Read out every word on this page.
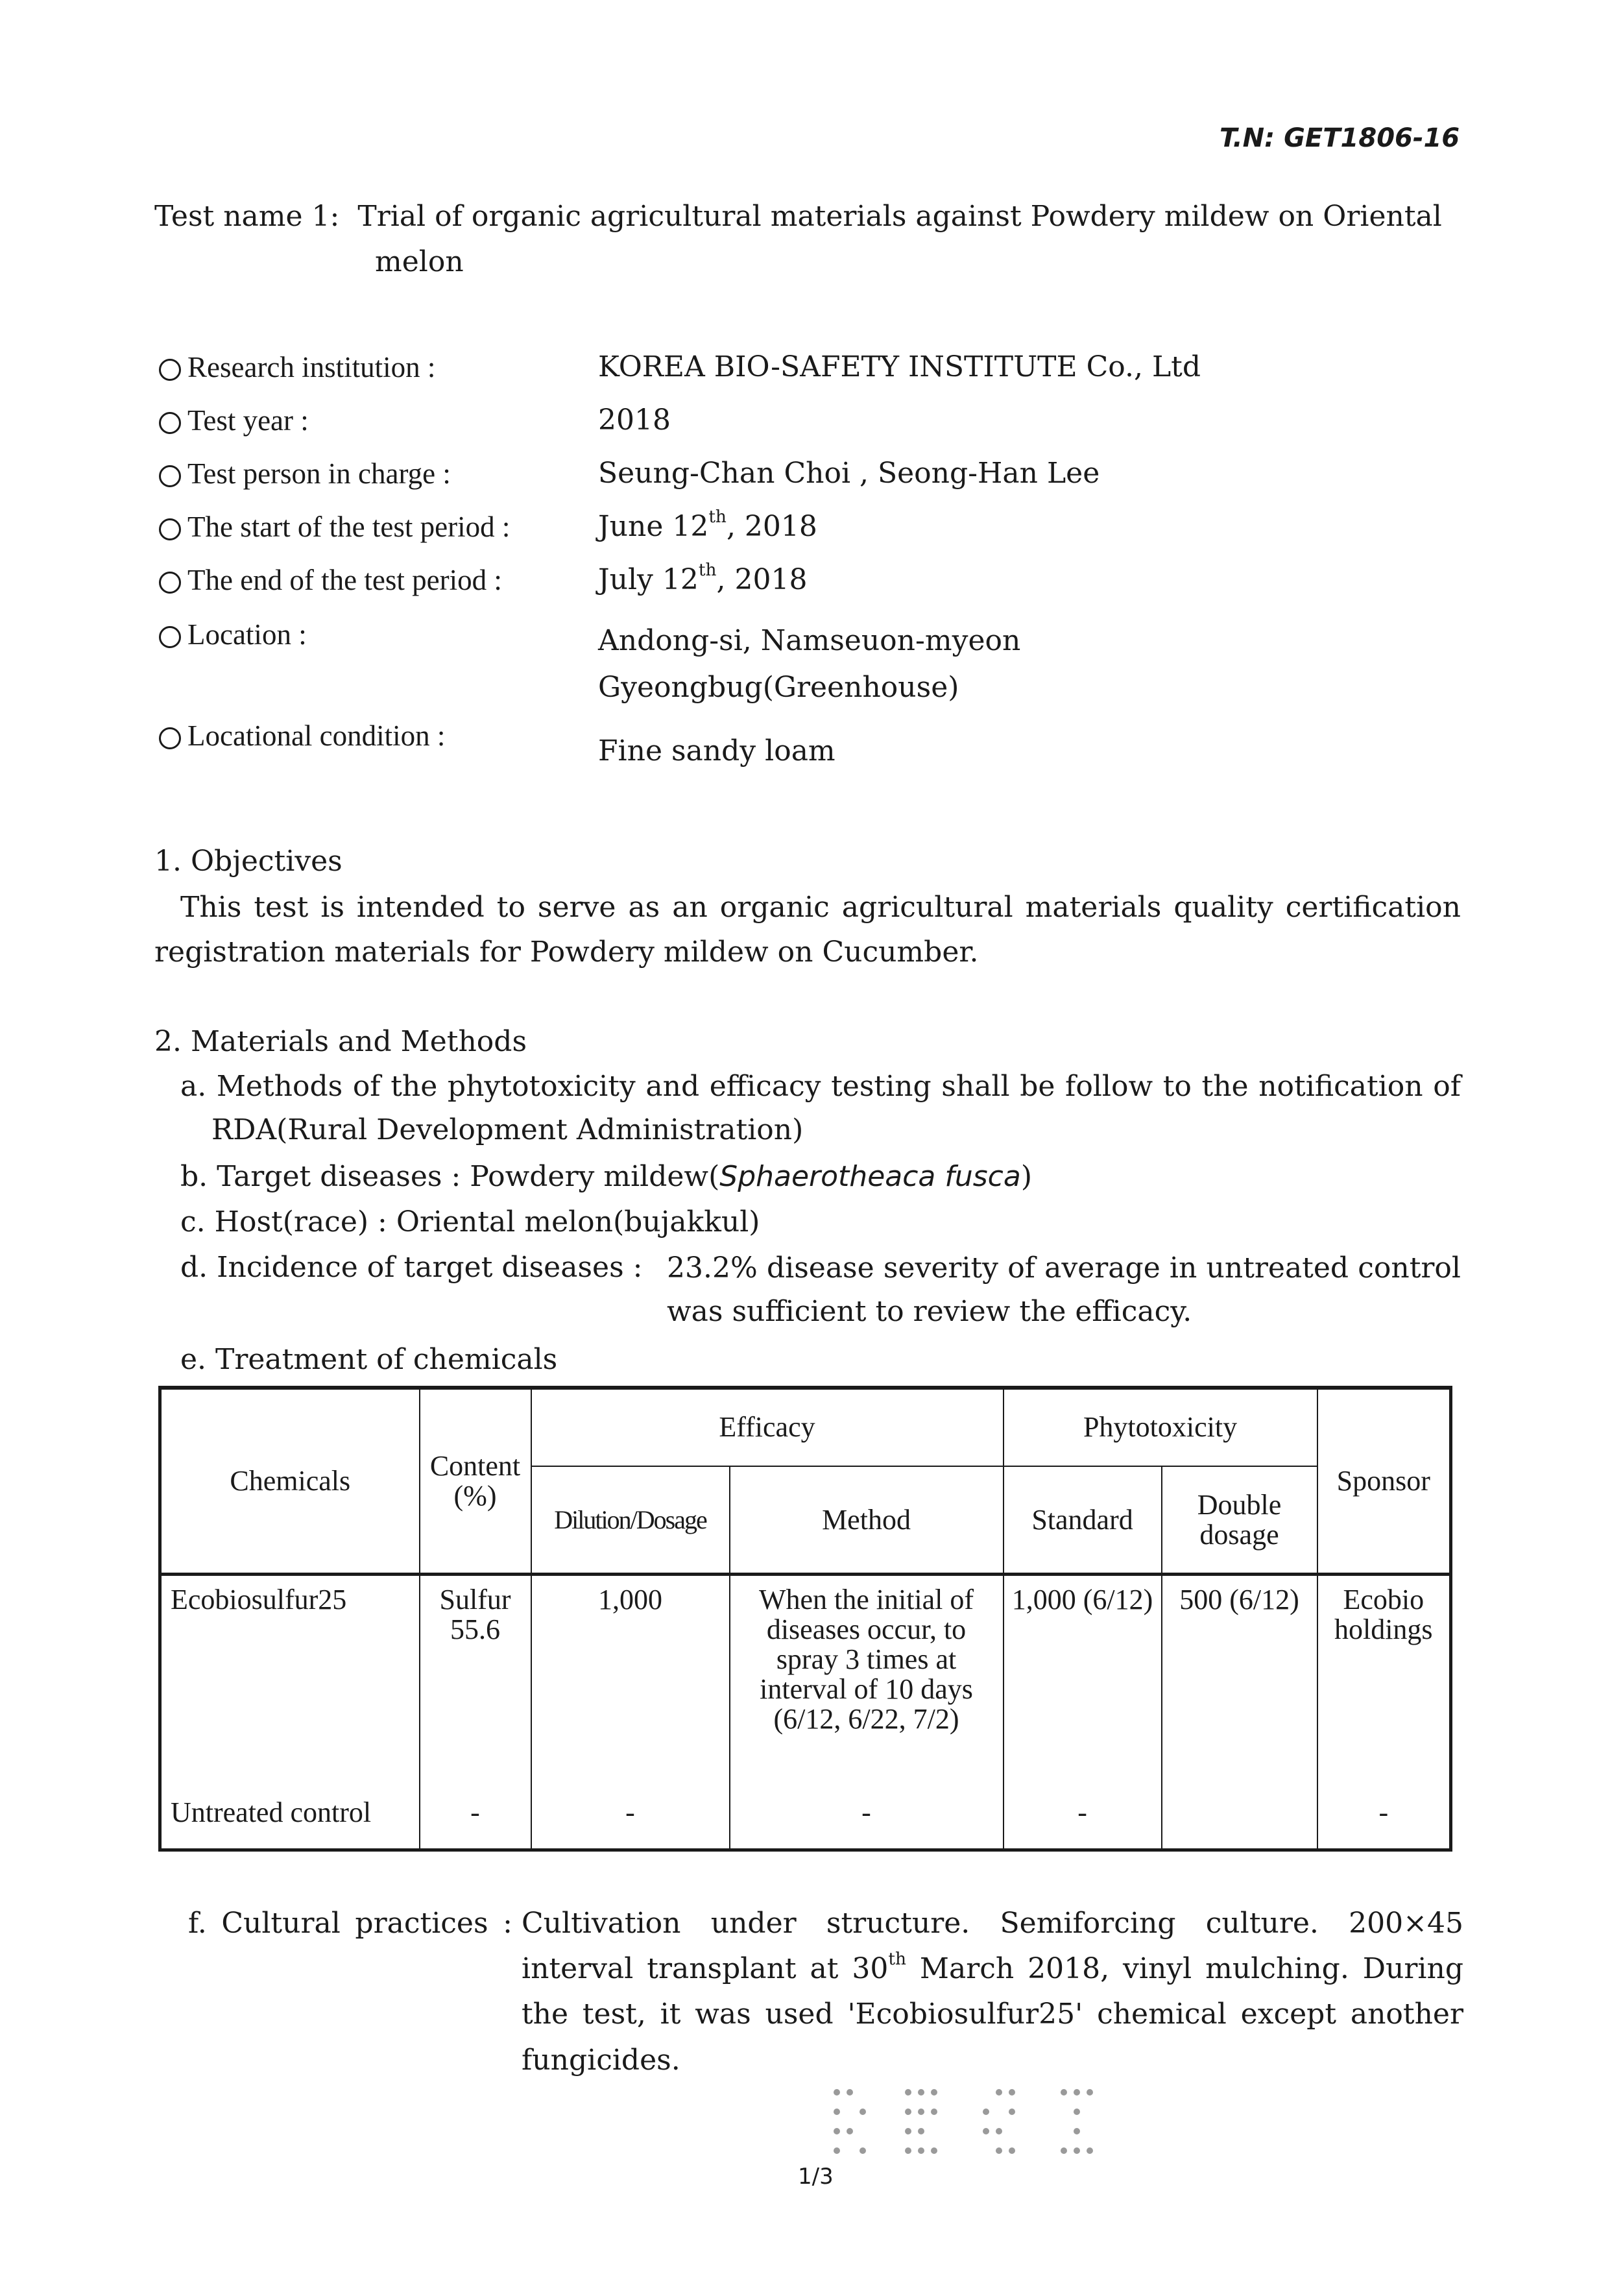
T.N: GET1806-16
Test name 1: Trial of organic agricultural materials against Powdery mildew on Oriental
melon
Research institution :	KOREA BIO-SAFETY INSTITUTE Co., Ltd
Test year :	2018
Test person in charge :	Seung-Chan Choi , Seong-Han Lee
The start of the test period :	June 12th, 2018
The end of the test period :	July 12th, 2018
Location :	Andong-si, Namseuon-myeon
Gyeongbug(Greenhouse)
Locational condition :	Fine sandy loam
1. Objectives
This test is intended to serve as an organic agricultural materials quality certification
registration materials for Powdery mildew on Cucumber.
2. Materials and Methods
a. Methods of the phytotoxicity and efficacy testing shall be follow to the notification of
RDA(Rural Development Administration)
b. Target diseases : Powdery mildew(Sphaerotheaca fusca)
c. Host(race) : Oriental melon(bujakkul)
d. Incidence of target diseases : 23.2% disease severity of average in untreated control
was sufficient to review the efficacy.
e. Treatment of chemicals
Chemicals	Content (%)	Efficacy		Phytotoxicity		Sponsor
		Dilution/Dosage	Method	Standard	Double dosage	
Ecobiosulfur25	Sulfur 55.6	1,000	When the initial of diseases occur, to spray 3 times at interval of 10 days (6/12, 6/22, 7/2)	1,000 (6/12)	500 (6/12)	Ecobio holdings
Untreated control	-	-	-	-		-
f. Cultural practices : Cultivation under structure. Semiforcing culture. 200×45
interval transplant at 30th March 2018, vinyl mulching. During
the test, it was used 'Ecobiosulfur25' chemical except another
fungicides.
1/3
